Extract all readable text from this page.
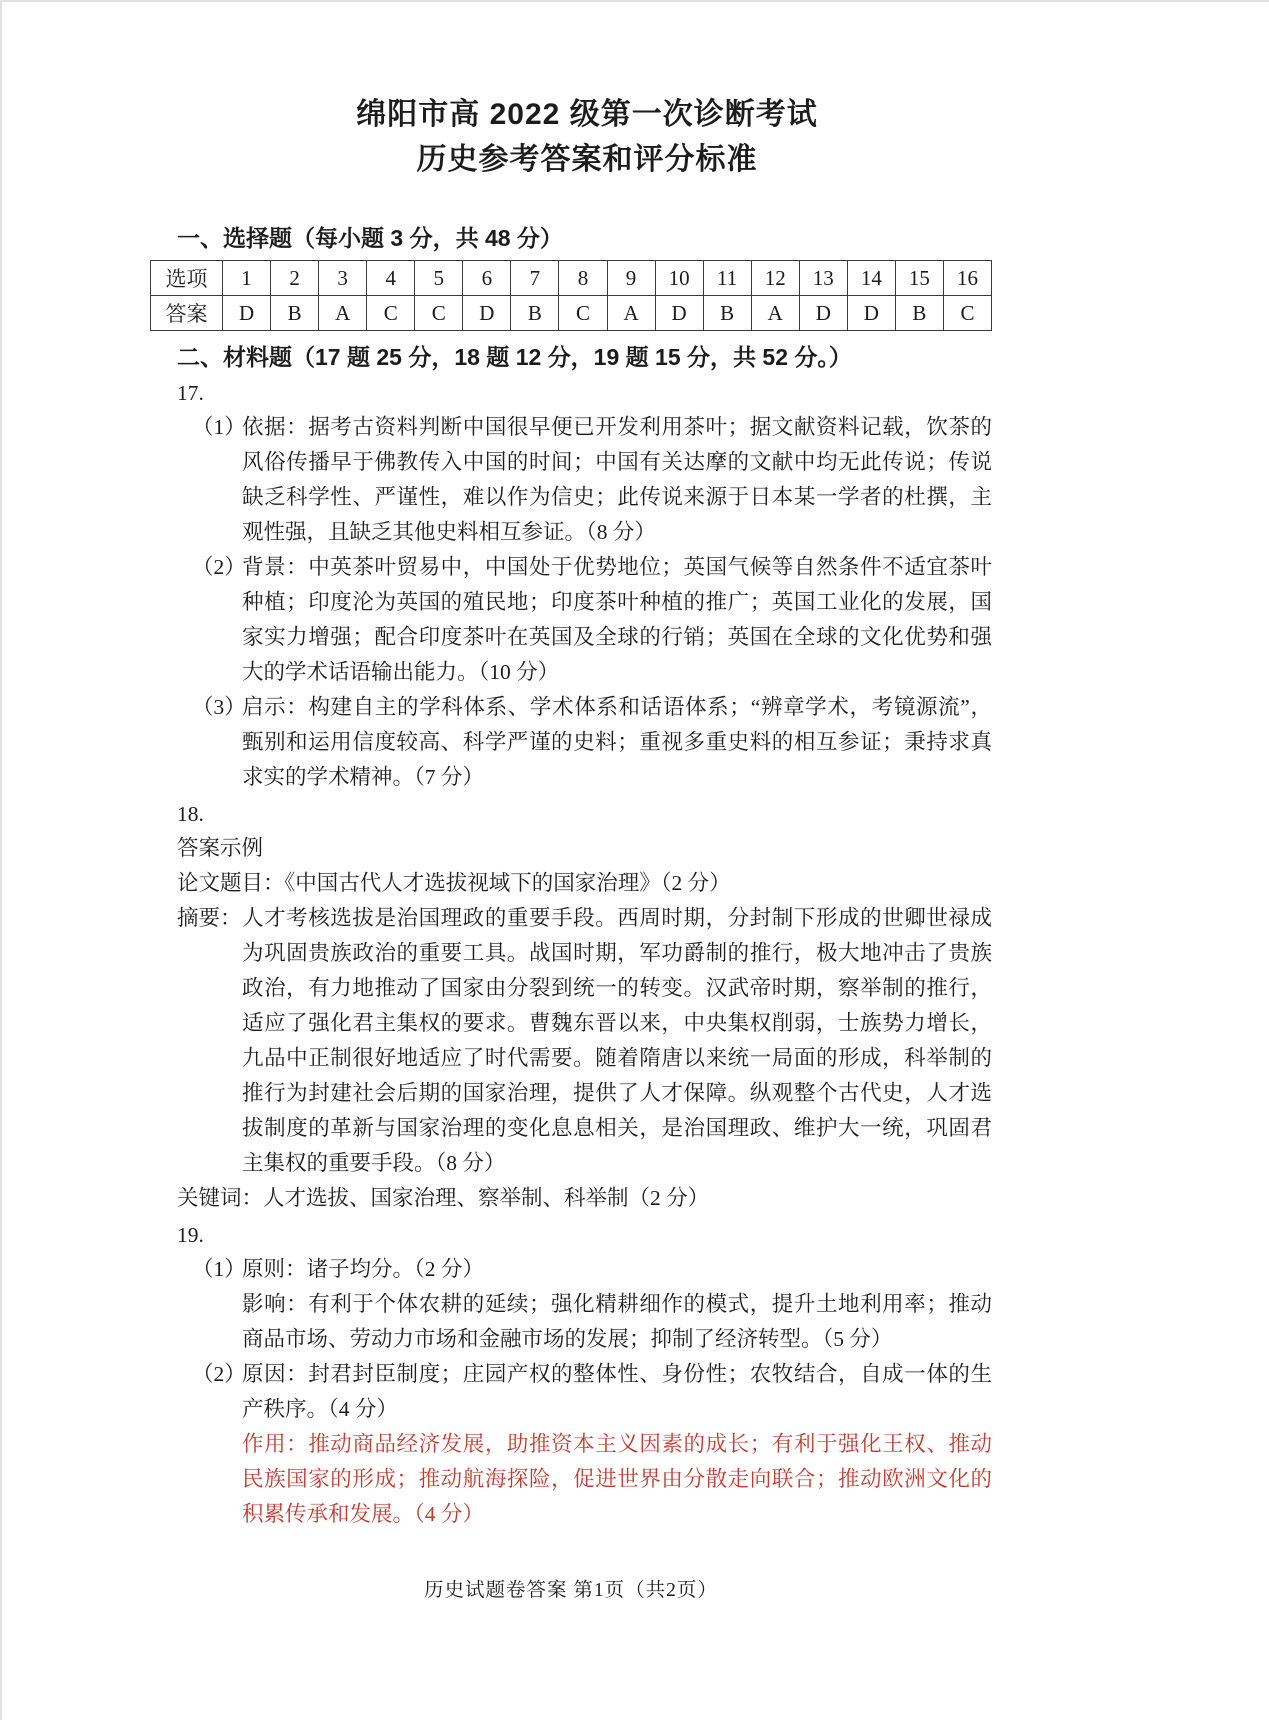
绵阳市高 2022 级第一次诊断考试
历史参考答案和评分标准
一、选择题（每小题 3 分，共 48 分）
选项	1	2	3	4	5	6	7	8	9	10	11	12	13	14	15	16
答案	D	B	A	C	C	D	B	C	A	D	B	A	D	D	B	C
二、材料题（17 题 25 分，18 题 12 分，19 题 15 分，共 52 分。）
17.
（1）

依据：据考古资料判断中国很早便已开发利用茶叶；据文献资料记载，饮茶的风俗传播早于佛教传入中国的时间；中国有关达摩的文献中均无此传说；传说缺乏科学性、严谨性，难以作为信史；此传说来源于日本某一学者的杜撰，主观性强，且缺乏其他史料相互参证。（8 分）

（2）

背景：中英茶叶贸易中，中国处于优势地位；英国气候等自然条件不适宜茶叶种植；印度沦为英国的殖民地；印度茶叶种植的推广；英国工业化的发展，国家实力增强；配合印度茶叶在英国及全球的行销；英国在全球的文化优势和强大的学术话语输出能力。（10 分）

（3）

启示：构建自主的学科体系、学术体系和话语体系；“辨章学术，考镜源流”，甄别和运用信度较高、科学严谨的史料；重视多重史料的相互参证；秉持求真求实的学术精神。（7 分）

18.
答案示例
论文题目：《中国古代人才选拔视域下的国家治理》（2 分）
摘要： 人才考核选拔是治国理政的重要手段。西周时期，分封制下形成的世卿世禄成为巩固贵族政治的重要工具。战国时期，军功爵制的推行，极大地冲击了贵族政治，有力地推动了国家由分裂到统一的转变。汉武帝时期，察举制的推行，适应了强化君主集权的要求。曹魏东晋以来，中央集权削弱，士族势力增长，九品中正制很好地适应了时代需要。随着隋唐以来统一局面的形成，科举制的推行为封建社会后期的国家治理，提供了人才保障。纵观整个古代史，人才选拔制度的革新与国家治理的变化息息相关，是治国理政、维护大一统，巩固君主集权的重要手段。（8 分）

关键词：人才选拔、国家治理、察举制、科举制（2 分）
19.
（1）

原则：诸子均分。（2 分）

影响：有利于个体农耕的延续；强化精耕细作的模式，提升土地利用率；推动商品市场、劳动力市场和金融市场的发展；抑制了经济转型。（5 分）

（2）

原因：封君封臣制度；庄园产权的整体性、身份性；农牧结合，自成一体的生产秩序。（4 分）

作用：推动商品经济发展，助推资本主义因素的成长；有利于强化王权、推动民族国家的形成；推动航海探险，促进世界由分散走向联合；推动欧洲文化的积累传承和发展。（4 分）

历史试题卷答案 第1页（共2页）
